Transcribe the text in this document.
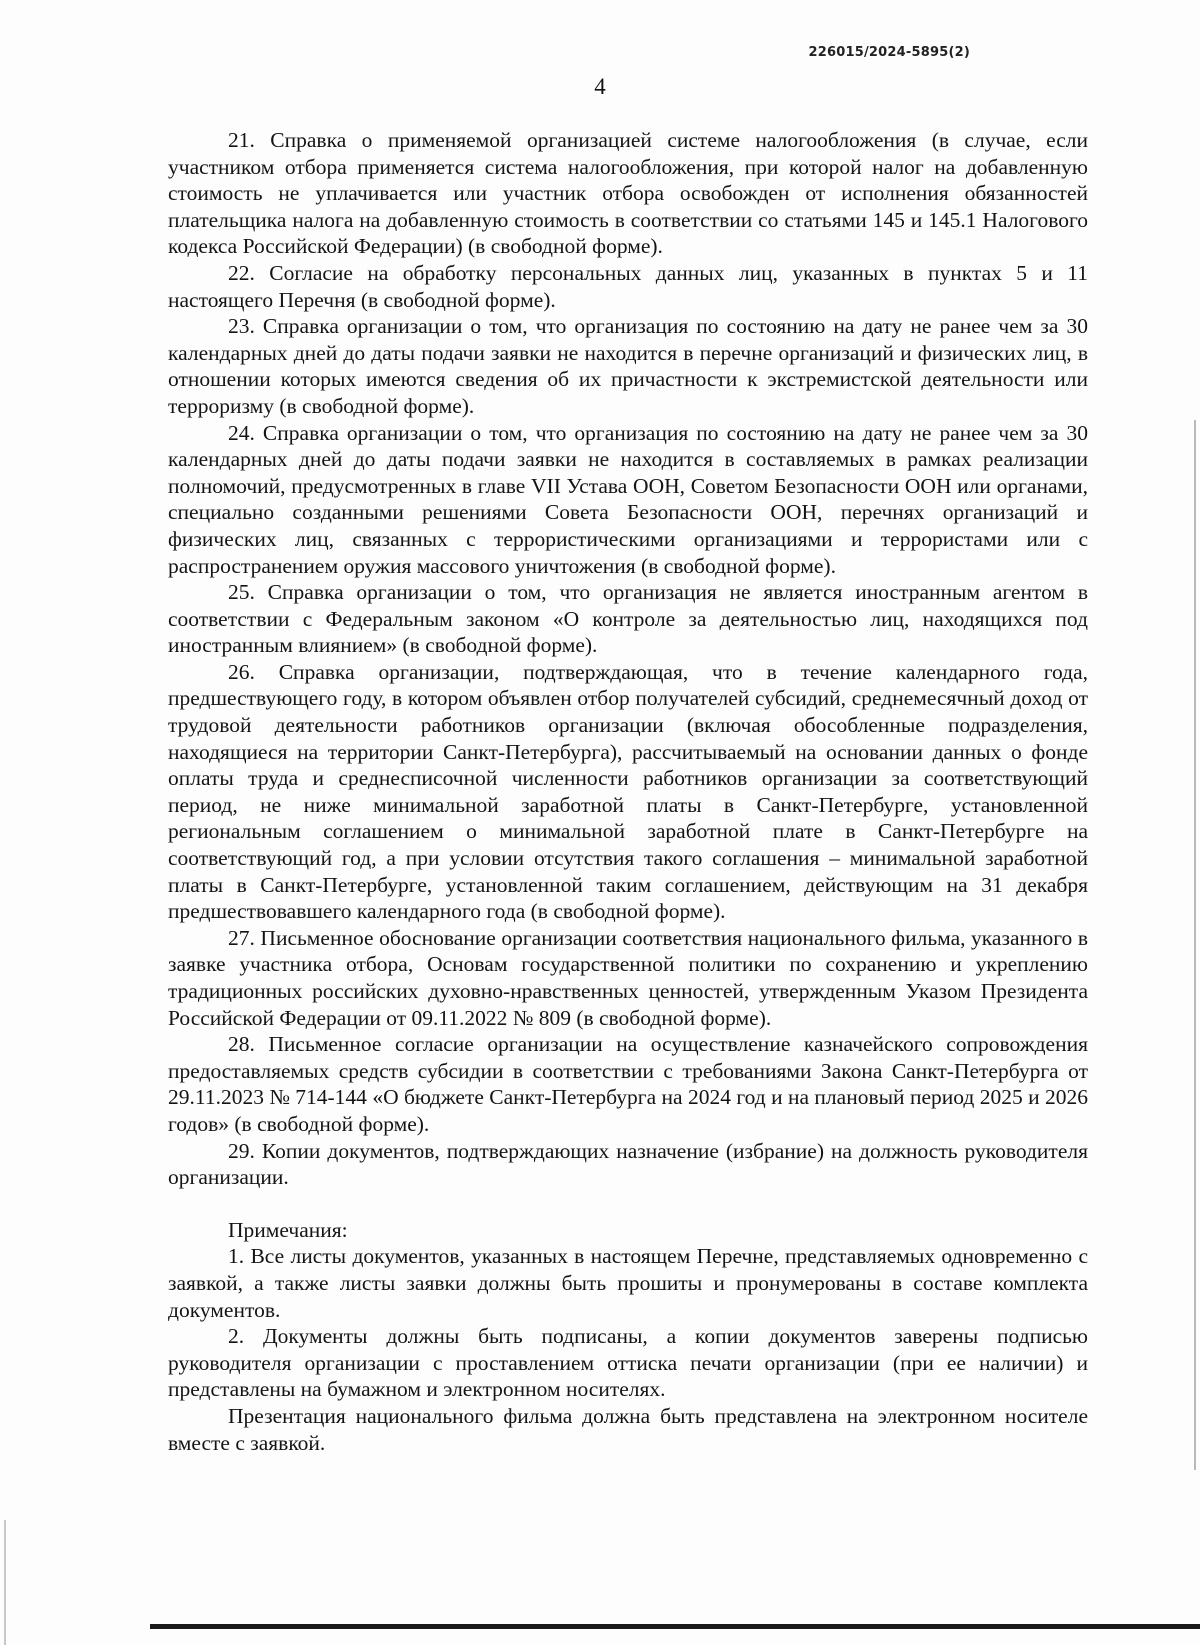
226015/2024-5895(2)
4

21. Справка о применяемой организацией системе налогообложения (в случае, если участником отбора применяется система налогообложения, при которой налог на добавленную стоимость не уплачивается или участник отбора освобожден от исполнения обязанностей плательщика налога на добавленную стоимость в соответствии со статьями 145 и 145.1 Налогового кодекса Российской Федерации) (в свободной форме).

22. Согласие на обработку персональных данных лиц, указанных в пунктах 5 и 11 настоящего Перечня (в свободной форме).

23. Справка организации о том, что организация по состоянию на дату не ранее чем за 30 календарных дней до даты подачи заявки не находится в перечне организаций и физических лиц, в отношении которых имеются сведения об их причастности к экстремистской деятельности или терроризму (в свободной форме).

24. Справка организации о том, что организация по состоянию на дату не ранее чем за 30 календарных дней до даты подачи заявки не находится в составляемых в рамках реализации полномочий, предусмотренных в главе VII Устава ООН, Советом Безопасности ООН или органами, специально созданными решениями Совета Безопасности ООН, перечнях организаций и физических лиц, связанных с террористическими организациями и террористами или с распространением оружия массового уничтожения (в свободной форме).

25. Справка организации о том, что организация не является иностранным агентом в соответствии с Федеральным законом «О контроле за деятельностью лиц, находящихся под иностранным влиянием» (в свободной форме).

26. Справка организации, подтверждающая, что в течение календарного года, предшествующего году, в котором объявлен отбор получателей субсидий, среднемесячный доход от трудовой деятельности работников организации (включая обособленные подразделения, находящиеся на территории Санкт-Петербурга), рассчитываемый на основании данных о фонде оплаты труда и среднесписочной численности работников организации за соответствующий период, не ниже минимальной заработной платы в Санкт-Петербурге, установленной региональным соглашением о минимальной заработной плате в Санкт-Петербурге на соответствующий год, а при условии отсутствия такого соглашения – минимальной заработной платы в Санкт-Петербурге, установленной таким соглашением, действующим на 31 декабря предшествовавшего календарного года (в свободной форме).

27. Письменное обоснование организации соответствия национального фильма, указанного в заявке участника отбора, Основам государственной политики по сохранению и укреплению традиционных российских духовно-нравственных ценностей, утвержденным Указом Президента Российской Федерации от 09.11.2022 № 809 (в свободной форме).

28. Письменное согласие организации на осуществление казначейского сопровождения предоставляемых средств субсидии в соответствии с требованиями Закона Санкт-Петербурга от 29.11.2023 № 714-144 «О бюджете Санкт-Петербурга на 2024 год и на плановый период 2025 и 2026 годов» (в свободной форме).

29. Копии документов, подтверждающих назначение (избрание) на должность руководителя организации.

Примечания:

1. Все листы документов, указанных в настоящем Перечне, представляемых одновременно с заявкой, а также листы заявки должны быть прошиты и пронумерованы в составе комплекта документов.

2. Документы должны быть подписаны, а копии документов заверены подписью руководителя организации с проставлением оттиска печати организации (при ее наличии) и представлены на бумажном и электронном носителях.

Презентация национального фильма должна быть представлена на электронном носителе вместе с заявкой.
